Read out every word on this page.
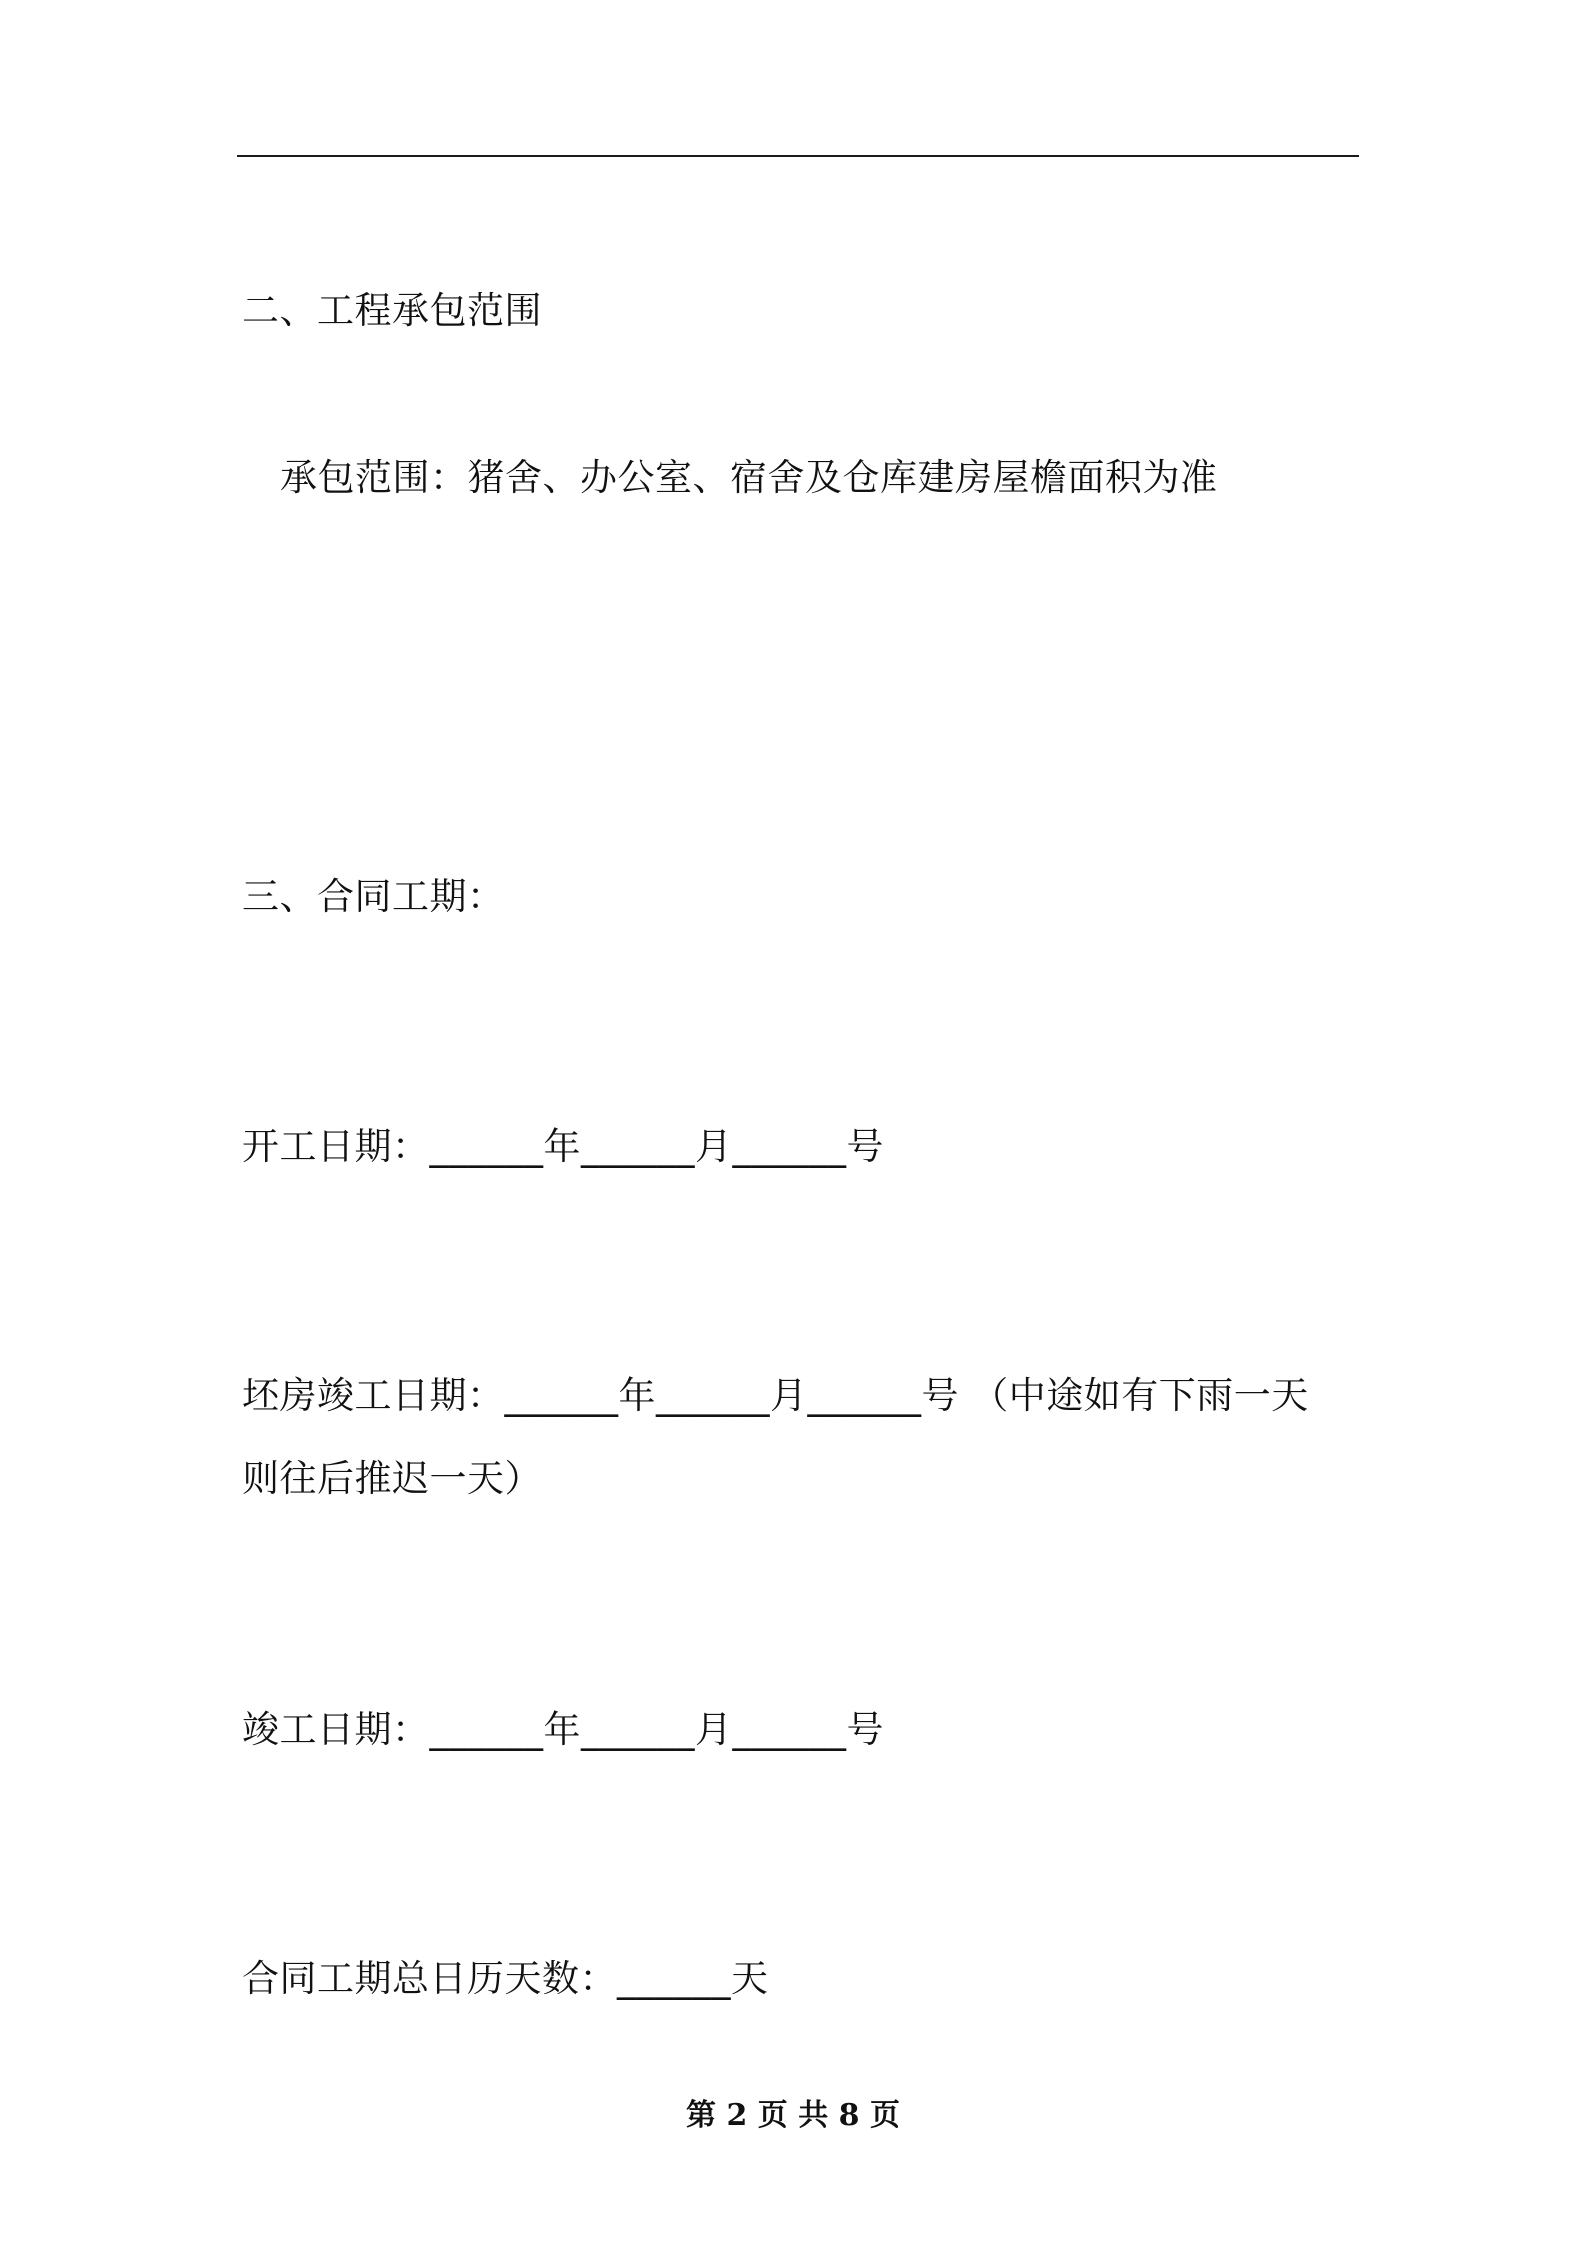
二、工程承包范围
承包范围：猪舍、办公室、宿舍及仓库建房屋檐面积为准
三、合同工期：
开工日期：______年______月______号
坯房竣工日期：______年______月______号 （中途如有下雨一天
则往后推迟一天）
竣工日期：______年______月______号
合同工期总日历天数：______天
第 2 页 共 8 页
